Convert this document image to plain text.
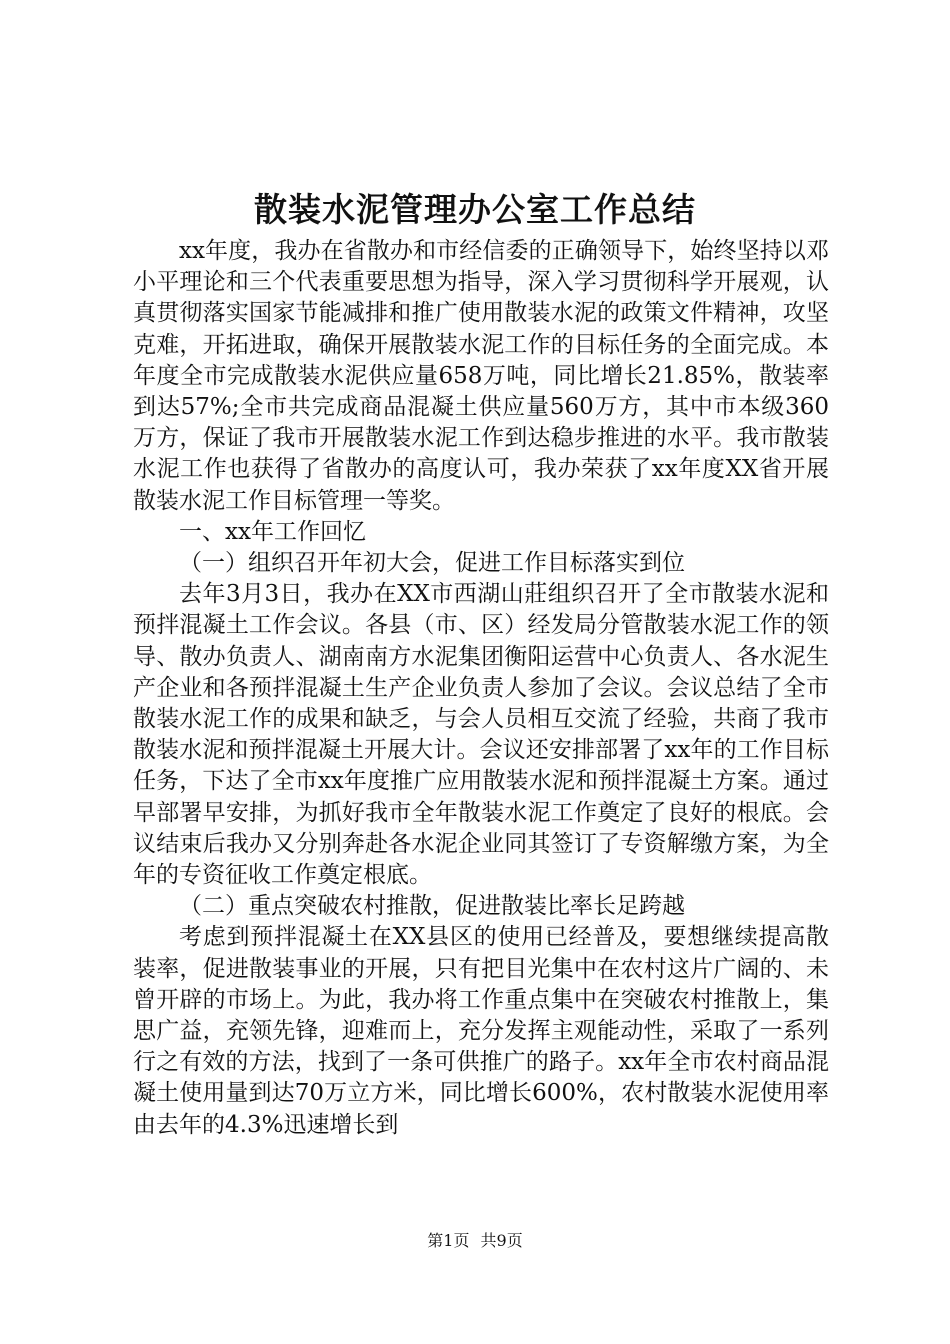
散装水泥管理办公室工作总结

xx年度，我办在省散办和市经信委的正确领导下，始终坚持以邓小平理论和三个代表重要思想为指导，深入学习贯彻科学开展观，认真贯彻落实国家节能减排和推广使用散装水泥的政策文件精神，攻坚克难，开拓进取，确保开展散装水泥工作的目标任务的全面完成。本年度全市完成散装水泥供应量658万吨，同比增长21.85%，散装率到达57%;全市共完成商品混凝土供应量560万方，其中市本级360万方，保证了我市开展散装水泥工作到达稳步推进的水平。我市散装水泥工作也获得了省散办的高度认可，我办荣获了xx年度XX省开展散装水泥工作目标管理一等奖。

一、xx年工作回忆

（一）组织召开年初大会，促进工作目标落实到位

去年3月3日，我办在XX市西湖山莊组织召开了全市散装水泥和预拌混凝土工作会议。各县（市、区）经发局分管散装水泥工作的领导、散办负责人、湖南南方水泥集团衡阳运营中心负责人、各水泥生产企业和各预拌混凝土生产企业负责人参加了会议。会议总结了全市散装水泥工作的成果和缺乏，与会人员相互交流了经验，共商了我市散装水泥和预拌混凝土开展大计。会议还安排部署了xx年的工作目标任务，下达了全市xx年度推广应用散装水泥和预拌混凝土方案。通过早部署早安排，为抓好我市全年散装水泥工作奠定了良好的根底。会议结束后我办又分别奔赴各水泥企业同其签订了专资解缴方案，为全年的专资征收工作奠定根底。

（二）重点突破农村推散，促进散装比率长足跨越

考虑到预拌混凝土在XX县区的使用已经普及，要想继续提高散装率，促进散装事业的开展，只有把目光集中在农村这片广阔的、未曾开辟的市场上。为此，我办将工作重点集中在突破农村推散上，集思广益，充领先锋，迎难而上，充分发挥主观能动性，采取了一系列行之有效的方法，找到了一条可供推广的路子。xx年全市农村商品混凝土使用量到达70万立方米，同比增长600%，农村散装水泥使用率由去年的4.3%迅速增长到

第1页 共9页
